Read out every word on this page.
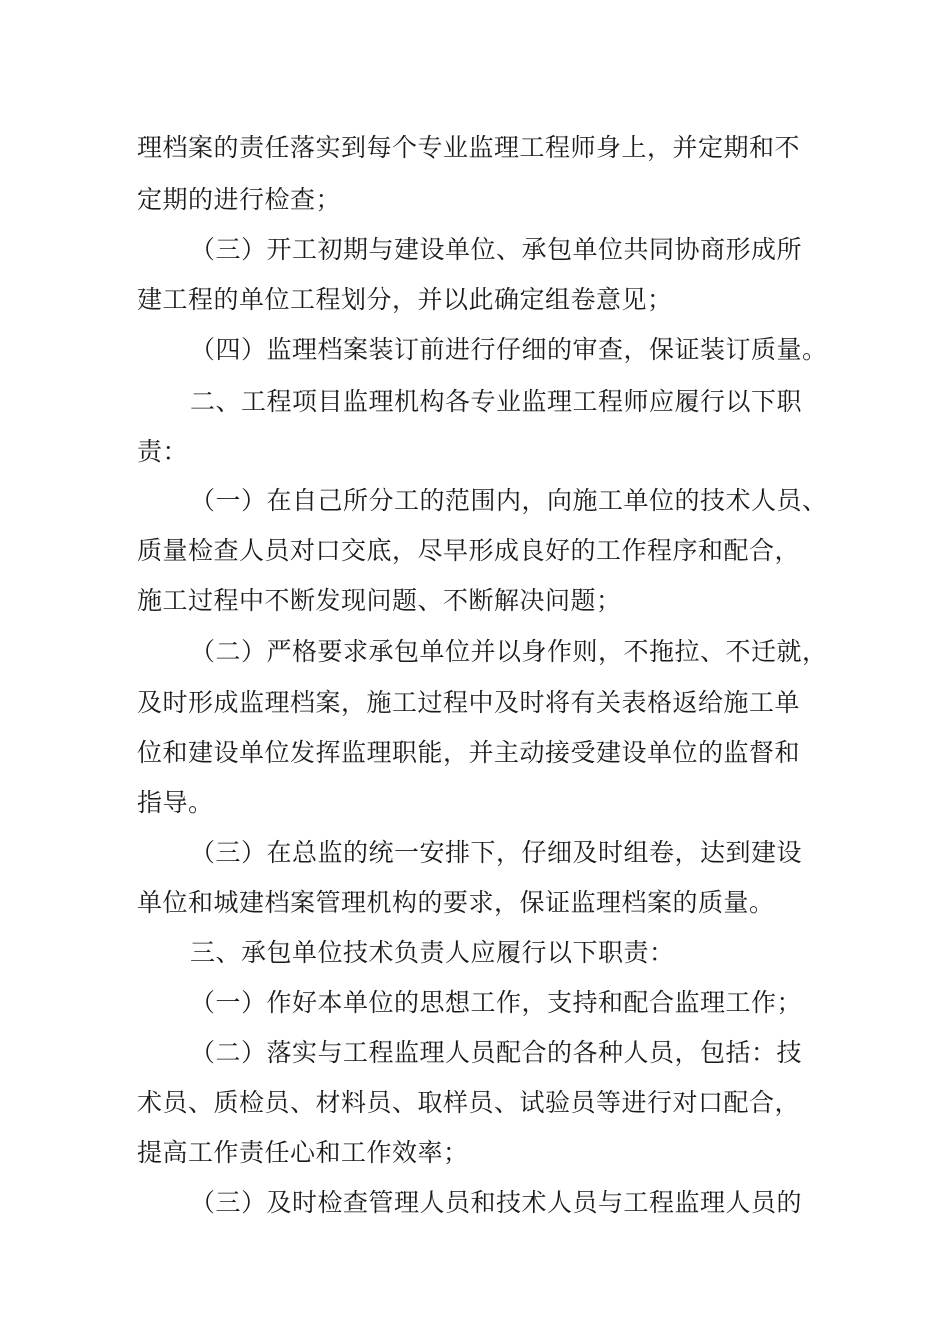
理档案的责任落实到每个专业监理工程师身上，并定期和不
定期的进行检查；
（三）开工初期与建设单位、承包单位共同协商形成所
建工程的单位工程划分，并以此确定组卷意见；
（四）监理档案装订前进行仔细的审查，保证装订质量。
二、工程项目监理机构各专业监理工程师应履行以下职
责：
（一）在自己所分工的范围内，向施工单位的技术人员、
质量检查人员对口交底，尽早形成良好的工作程序和配合，
施工过程中不断发现问题、不断解决问题；
（二）严格要求承包单位并以身作则，不拖拉、不迁就，
及时形成监理档案，施工过程中及时将有关表格返给施工单
位和建设单位发挥监理职能，并主动接受建设单位的监督和
指导。
（三）在总监的统一安排下，仔细及时组卷，达到建设
单位和城建档案管理机构的要求，保证监理档案的质量。
三、承包单位技术负责人应履行以下职责：
（一）作好本单位的思想工作，支持和配合监理工作；
（二）落实与工程监理人员配合的各种人员，包括：技
术员、质检员、材料员、取样员、试验员等进行对口配合，
提高工作责任心和工作效率；
（三）及时检查管理人员和技术人员与工程监理人员的
